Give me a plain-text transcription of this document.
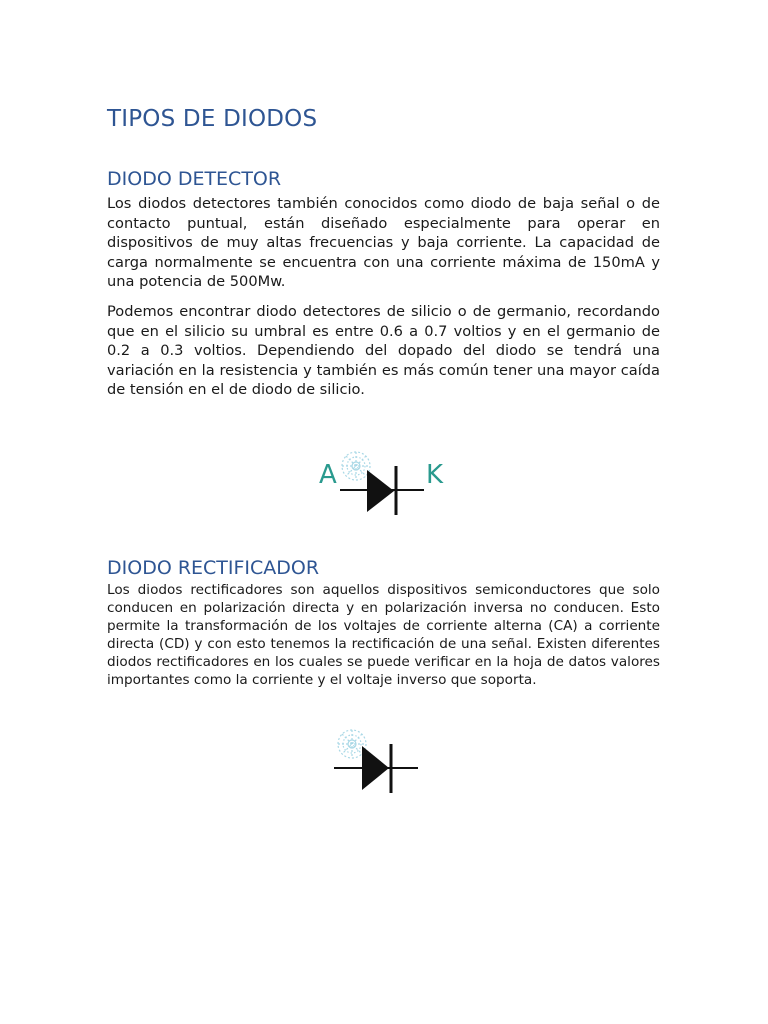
TIPOS DE DIODOS
DIODO DETECTOR

Los diodos detectores también conocidos como diodo de baja señal o de contacto puntual, están diseñado especialmente para operar en dispositivos de muy altas frecuencias y baja corriente. La capacidad de carga normalmente se encuentra con una corriente máxima de 150mA y una potencia de 500Mw.

Podemos encontrar diodo detectores de silicio o de germanio, recordando que en el silicio su umbral es entre 0.6 a 0.7 voltios y en el germanio de 0.2 a 0.3 voltios. Dependiendo del dopado del diodo se tendrá una variación en la resistencia y también es más común tener una mayor caída de tensión en el de diodo de silicio.

A	K
DIODO RECTIFICADOR

Los diodos rectificadores son aquellos dispositivos semiconductores que solo conducen en polarización directa y en polarización inversa no conducen. Esto permite la transformación de los voltajes de corriente alterna (CA) a corriente directa (CD) y con esto tenemos la rectificación de una señal. Existen diferentes diodos rectificadores en los cuales se puede verificar en la hoja de datos valores importantes como la corriente y el voltaje inverso que soporta.
